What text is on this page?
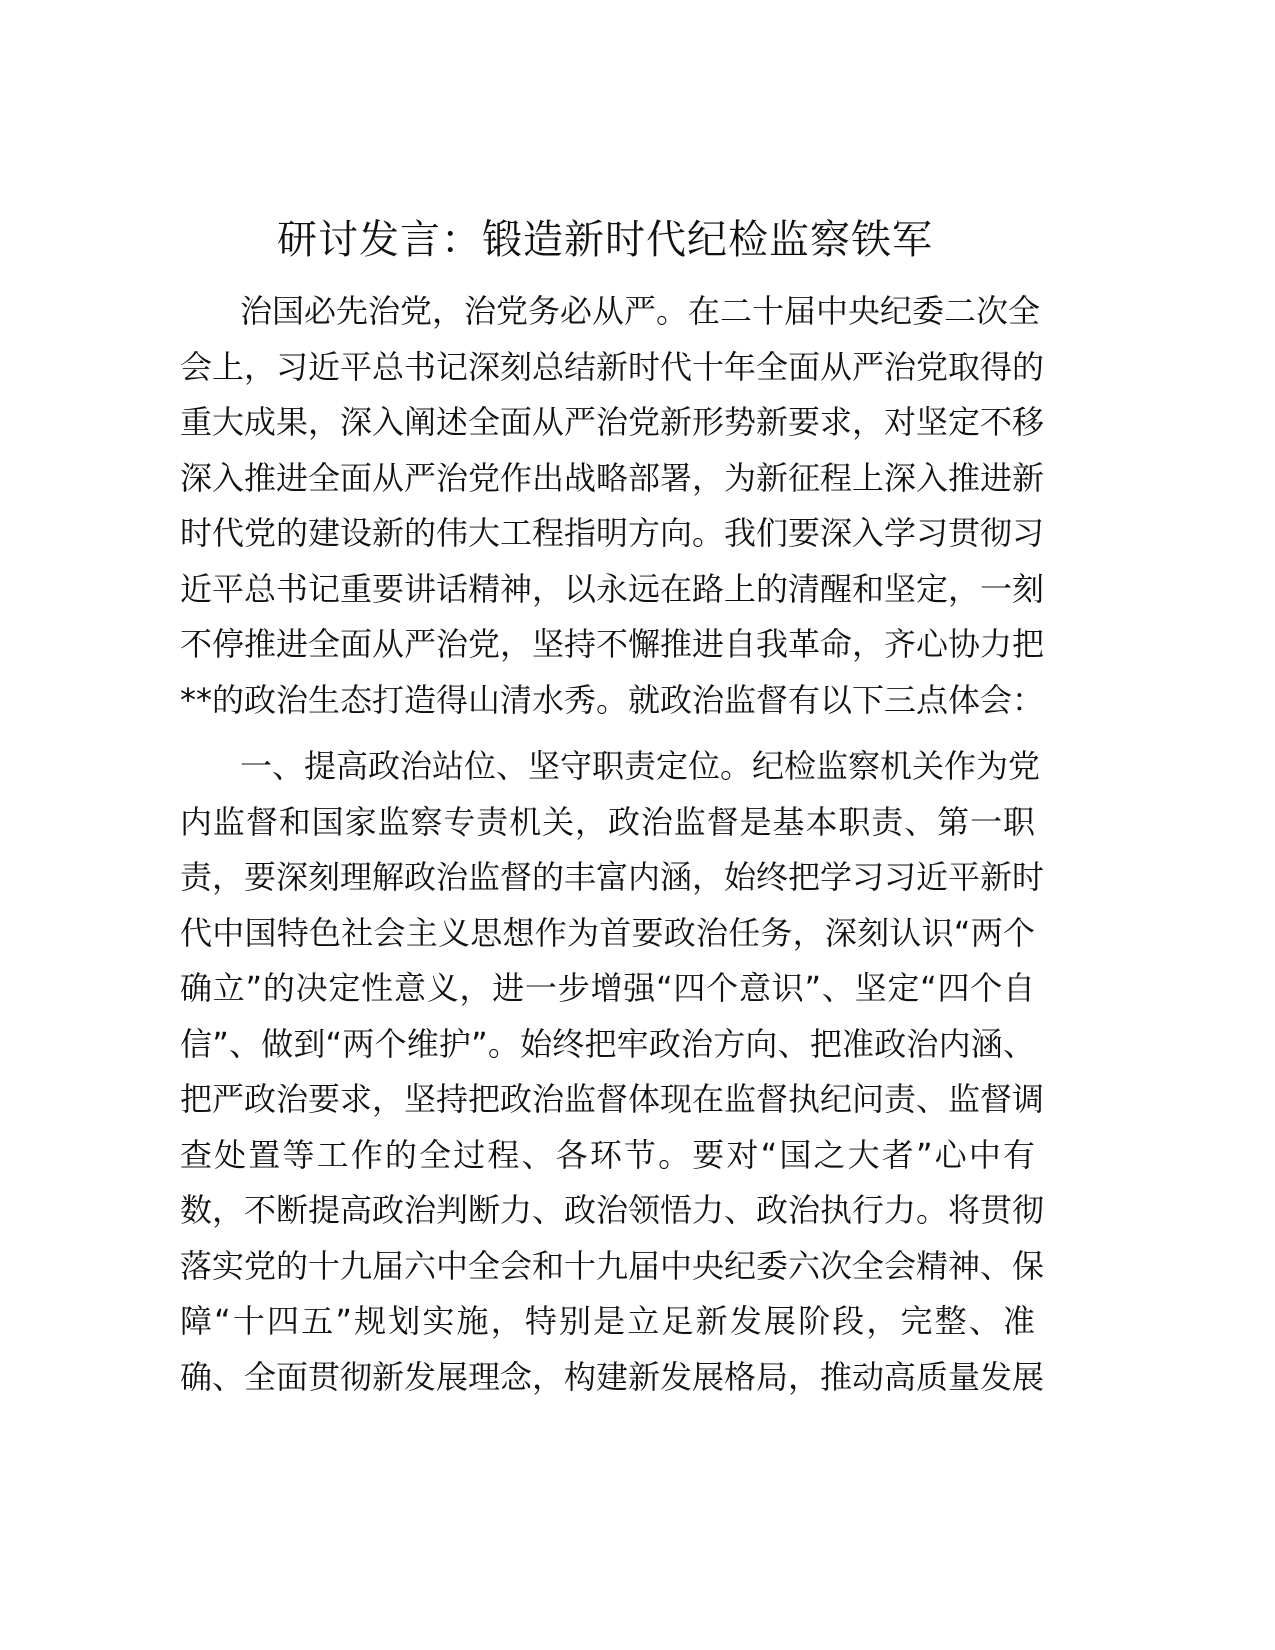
研讨发言：锻造新时代纪检监察铁军
治国必先治党，治党务必从严。在二十届中央纪委二次全
会上，习近平总书记深刻总结新时代十年全面从严治党取得的
重大成果，深入阐述全面从严治党新形势新要求，对坚定不移
深入推进全面从严治党作出战略部署，为新征程上深入推进新
时代党的建设新的伟大工程指明方向。我们要深入学习贯彻习
近平总书记重要讲话精神，以永远在路上的清醒和坚定，一刻
不停推进全面从严治党，坚持不懈推进自我革命，齐心协力把
**的政治生态打造得山清水秀。就政治监督有以下三点体会：
一、提高政治站位、坚守职责定位。纪检监察机关作为党
内监督和国家监察专责机关，政治监督是基本职责、第一职
责，要深刻理解政治监督的丰富内涵，始终把学习习近平新时
代中国特色社会主义思想作为首要政治任务，深刻认识“两个
确立”的决定性意义，进一步增强“四个意识”、坚定“四个自
信”、做到“两个维护”。始终把牢政治方向、把准政治内涵、
把严政治要求，坚持把政治监督体现在监督执纪问责、监督调
查处置等工作的全过程、各环节。要对“国之大者”心中有
数，不断提高政治判断力、政治领悟力、政治执行力。将贯彻
落实党的十九届六中全会和十九届中央纪委六次全会精神、保
障“十四五”规划实施，特别是立足新发展阶段，完整、准
确、全面贯彻新发展理念，构建新发展格局，推动高质量发展
